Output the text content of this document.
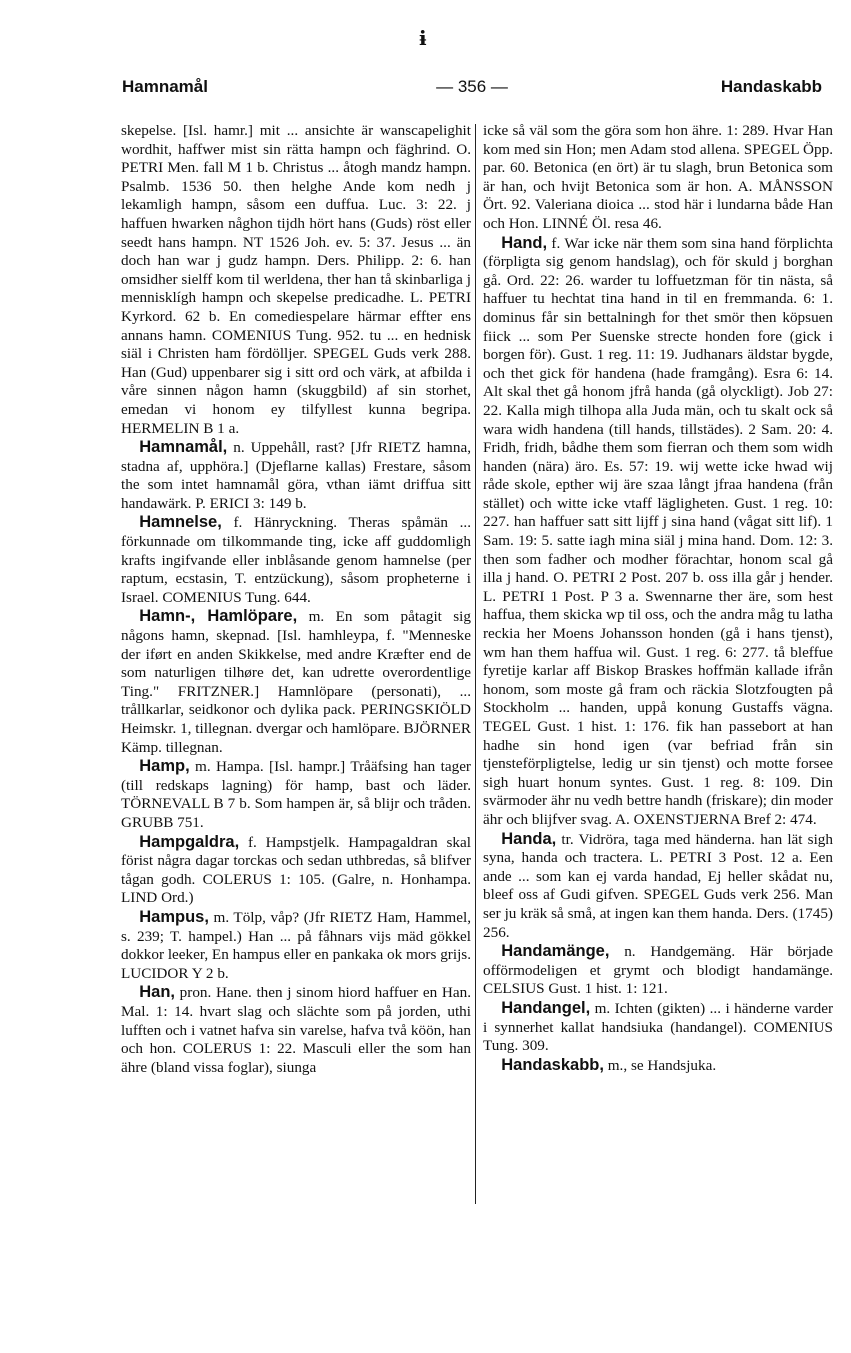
ɨ
Hamnamål	— 356 —	Handaskabb

skepelse. [Isl. hamr.] mit ... ansichte är wanscapelighit wordhit, haffwer mist sin rätta hampn och fäghrind. O. PETRI Men. fall M 1 b. Christus ... åtogh mandz hampn. Psalmb. 1536 50. then helghe Ande kom nedh j lekamligh hampn, såsom een duffua. Luc. 3: 22. j haffuen hwarken någhon tijdh hört hans (Guds) röst eller seedt hans hampn. NT 1526 Joh. ev. 5: 37. Jesus ... än doch han war j gudz hampn. Ders. Philipp. 2: 6. han omsidher sielff kom til werldena, ther han tå skinbarliga j mennisklígh hampn och skepelse predicadhe. L. PETRI Kyrkord. 62 b. En comediespelare härmar effter ens annans hamn. COMENIUS Tung. 952. tu ... en hednisk siäl i Christen ham fördölljer. SPEGEL Guds verk 288. Han (Gud) uppenbarer sig i sitt ord och värk, at afbilda i våre sinnen någon hamn (skuggbild) af sin storhet, emedan vi honom ey tilfyllest kunna begripa. HERMELIN B 1 a.

Hamnamål, n. Uppehåll, rast? [Jfr RIETZ hamna, stadna af, upphöra.] (Djeflarne kallas) Frestare, såsom the som intet hamnamål göra, vthan iämt driffua sitt handawärk. P. ERICI 3: 149 b.

Hamnelse, f. Hänryckning. Theras spåmän ... förkunnade om tilkommande ting, icke aff guddomligh krafts ingifvande eller inblåsande genom hamnelse (per raptum, ecstasin, T. entzückung), såsom propheterne i Israel. COMENIUS Tung. 644.

Hamn-, Hamlöpare, m. En som påtagit sig någons hamn, skepnad. [Isl. hamhleypa, f. "Menneske der iført en anden Skikkelse, med andre Kræfter end de som naturligen tilhøre det, kan udrette overordentlige Ting." FRITZNER.] Hamnlöpare (personati), ... trållkarlar, seidkonor och dylika pack. PERINGSKIÖLD Heimskr. 1, tillegnan. dvergar och hamlöpare. BJÖRNER Kämp. tillegnan.

Hamp, m. Hampa. [Isl. hampr.] Tråäfsing han tager (till redskaps lagning) för hamp, bast och läder. TÖRNEVALL B 7 b. Som hampen är, så blijr och tråden. GRUBB 751.

Hampgaldra, f. Hampstjelk. Hampagaldran skal förist några dagar torckas och sedan uthbredas, så blifver tågan godh. COLERUS 1: 105. (Galre, n. Honhampa. LIND Ord.)

Hampus, m. Tölp, våp? (Jfr RIETZ Ham, Hammel, s. 239; T. hampel.) Han ... på fåhnars vijs mäd gökkel dokkor leeker, En hampus eller en pankaka ok mors grijs. LUCIDOR Y 2 b.

Han, pron. Hane. then j sinom hiord haffuer en Han. Mal. 1: 14. hvart slag och slächte som på jorden, uthi lufften och i vatnet hafva sin varelse, hafva två köön, han och hon. COLERUS 1: 22. Masculi eller the som han ähre (bland vissa foglar), siunga

icke så väl som the göra som hon ähre. 1: 289. Hvar Han kom med sin Hon; men Adam stod allena. SPEGEL Öpp. par. 60. Betonica (en ört) är tu slagh, brun Betonica som är han, och hvijt Betonica som är hon. A. MÅNSSON Ört. 92. Valeriana dioica ... stod här i lundarna både Han och Hon. LINNÉ Öl. resa 46.

Hand, f. War icke när them som sina hand förplichta (förpligta sig genom handslag), och för skuld j borghan gå. Ord. 22: 26. warder tu loffuetzman för tin nästa, så haffuer tu hechtat tina hand in til en fremmanda. 6: 1. dominus får sin bettalningh for thet smör then köpsuen fiick ... som Per Suenske strecte honden fore (gick i borgen för). Gust. 1 reg. 11: 19. Judhanars äldstar bygde, och thet gick för handena (hade framgång). Esra 6: 14. Alt skal thet gå honom jfrå handa (gå olyckligt). Job 27: 22. Kalla migh tilhopa alla Juda män, och tu skalt ock så wara widh handena (till hands, tillstädes). 2 Sam. 20: 4. Fridh, fridh, bådhe them som fierran och them som widh handen (nära) äro. Es. 57: 19. wij wette icke hwad wij råde skole, epther wij äre szaa långt jfraa handena (från stället) och witte icke vtaff lägligheten. Gust. 1 reg. 10: 227. han haffuer satt sitt lijff j sina hand (vågat sitt lif). 1 Sam. 19: 5. satte iagh mina siäl j mina hand. Dom. 12: 3. then som fadher och modher förachtar, honom scal gå illa j hand. O. PETRI 2 Post. 207 b. oss illa går j hender. L. PETRI 1 Post. P 3 a. Swennarne ther äre, som hest haffua, them skicka wp til oss, och the andra måg tu latha reckia her Moens Johansson honden (gå i hans tjenst), wm han them haffua wil. Gust. 1 reg. 6: 277. tå bleffue fyretije karlar aff Biskop Braskes hoffmän kallade ifrån honom, som moste gå fram och räckia Slotzfougten på Stockholm ... handen, uppå konung Gustaffs vägna. TEGEL Gust. 1 hist. 1: 176. fik han passebort at han hadhe sin hond igen (var befriad från sin tjensteförpligtelse, ledig ur sin tjenst) och motte forsee sigh huart honum syntes. Gust. 1 reg. 8: 109. Din svärmoder ähr nu vedh bettre handh (friskare); din moder ähr och blijfver svag. A. OXENSTJERNA Bref 2: 474.

Handa, tr. Vidröra, taga med händerna. han lät sigh syna, handa och tractera. L. PETRI 3 Post. 12 a. Een ande ... som kan ej varda handad, Ej heller skådat nu, bleef oss af Gudi gifven. SPEGEL Guds verk 256. Man ser ju kräk så små, at ingen kan them handa. Ders. (1745) 256.

Handamänge, n. Handgemäng. Här började offörmodeligen et grymt och blodigt handamänge. CELSIUS Gust. 1 hist. 1: 121.

Handangel, m. Ichten (gikten) ... i händerne varder i synnerhet kallat handsiuka (handangel). COMENIUS Tung. 309.

Handaskabb, m., se Handsjuka.
